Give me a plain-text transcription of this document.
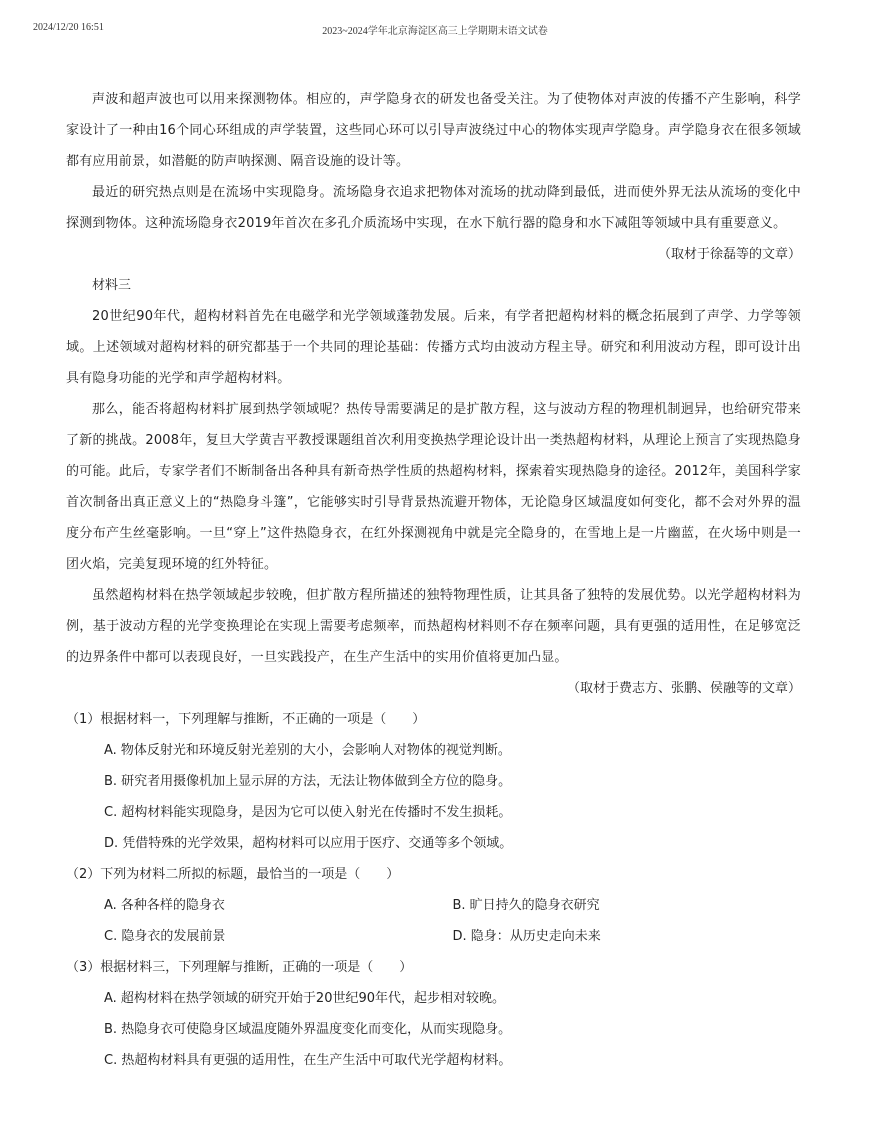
2024/12/20 16:51	2023~2024学年北京海淀区高三上学期期末语文试卷

声波和超声波也可以用来探测物体。相应的，声学隐身衣的研发也备受关注。为了使物体对声波的传播不产生影响，科学家设计了一种由16个同心环组成的声学装置，这些同心环可以引导声波绕过中心的物体实现声学隐身。声学隐身衣在很多领域都有应用前景，如潜艇的防声呐探测、隔音设施的设计等。

最近的研究热点则是在流场中实现隐身。流场隐身衣追求把物体对流场的扰动降到最低，进而使外界无法从流场的变化中探测到物体。这种流场隐身衣2019年首次在多孔介质流场中实现，在水下航行器的隐身和水下减阻等领域中具有重要意义。

（取材于徐磊等的文章）

材料三

20世纪90年代，超构材料首先在电磁学和光学领域蓬勃发展。后来，有学者把超构材料的概念拓展到了声学、力学等领域。上述领域对超构材料的研究都基于一个共同的理论基础：传播方式均由波动方程主导。研究和利用波动方程，即可设计出具有隐身功能的光学和声学超构材料。

那么，能否将超构材料扩展到热学领域呢？热传导需要满足的是扩散方程，这与波动方程的物理机制迥异，也给研究带来了新的挑战。2008年，复旦大学黄吉平教授课题组首次利用变换热学理论设计出一类热超构材料，从理论上预言了实现热隐身的可能。此后，专家学者们不断制备出各种具有新奇热学性质的热超构材料，探索着实现热隐身的途径。2012年，美国科学家首次制备出真正意义上的“热隐身斗篷”，它能够实时引导背景热流避开物体，无论隐身区域温度如何变化，都不会对外界的温度分布产生丝毫影响。一旦“穿上”这件热隐身衣，在红外探测视角中就是完全隐身的，在雪地上是一片幽蓝，在火场中则是一团火焰，完美复现环境的红外特征。

虽然超构材料在热学领域起步较晚，但扩散方程所描述的独特物理性质，让其具备了独特的发展优势。以光学超构材料为例，基于波动方程的光学变换理论在实现上需要考虑频率，而热超构材料则不存在频率问题，具有更强的适用性，在足够宽泛的边界条件中都可以表现良好，一旦实践投产，在生产生活中的实用价值将更加凸显。

（取材于费志方、张鹏、侯融等的文章）

（1）根据材料一，下列理解与推断，不正确的一项是（　　）

A. 物体反射光和环境反射光差别的大小，会影响人对物体的视觉判断。

B. 研究者用摄像机加上显示屏的方法，无法让物体做到全方位的隐身。

C. 超构材料能实现隐身，是因为它可以使入射光在传播时不发生损耗。

D. 凭借特殊的光学效果，超构材料可以应用于医疗、交通等多个领域。

（2）下列为材料二所拟的标题，最恰当的一项是（　　）

A. 各种各样的隐身衣	B. 旷日持久的隐身衣研究
C. 隐身衣的发展前景	D. 隐身：从历史走向未来

（3）根据材料三，下列理解与推断，正确的一项是（　　）

A. 超构材料在热学领域的研究开始于20世纪90年代，起步相对较晚。

B. 热隐身衣可使隐身区域温度随外界温度变化而变化，从而实现隐身。

C. 热超构材料具有更强的适用性，在生产生活中可取代光学超构材料。
